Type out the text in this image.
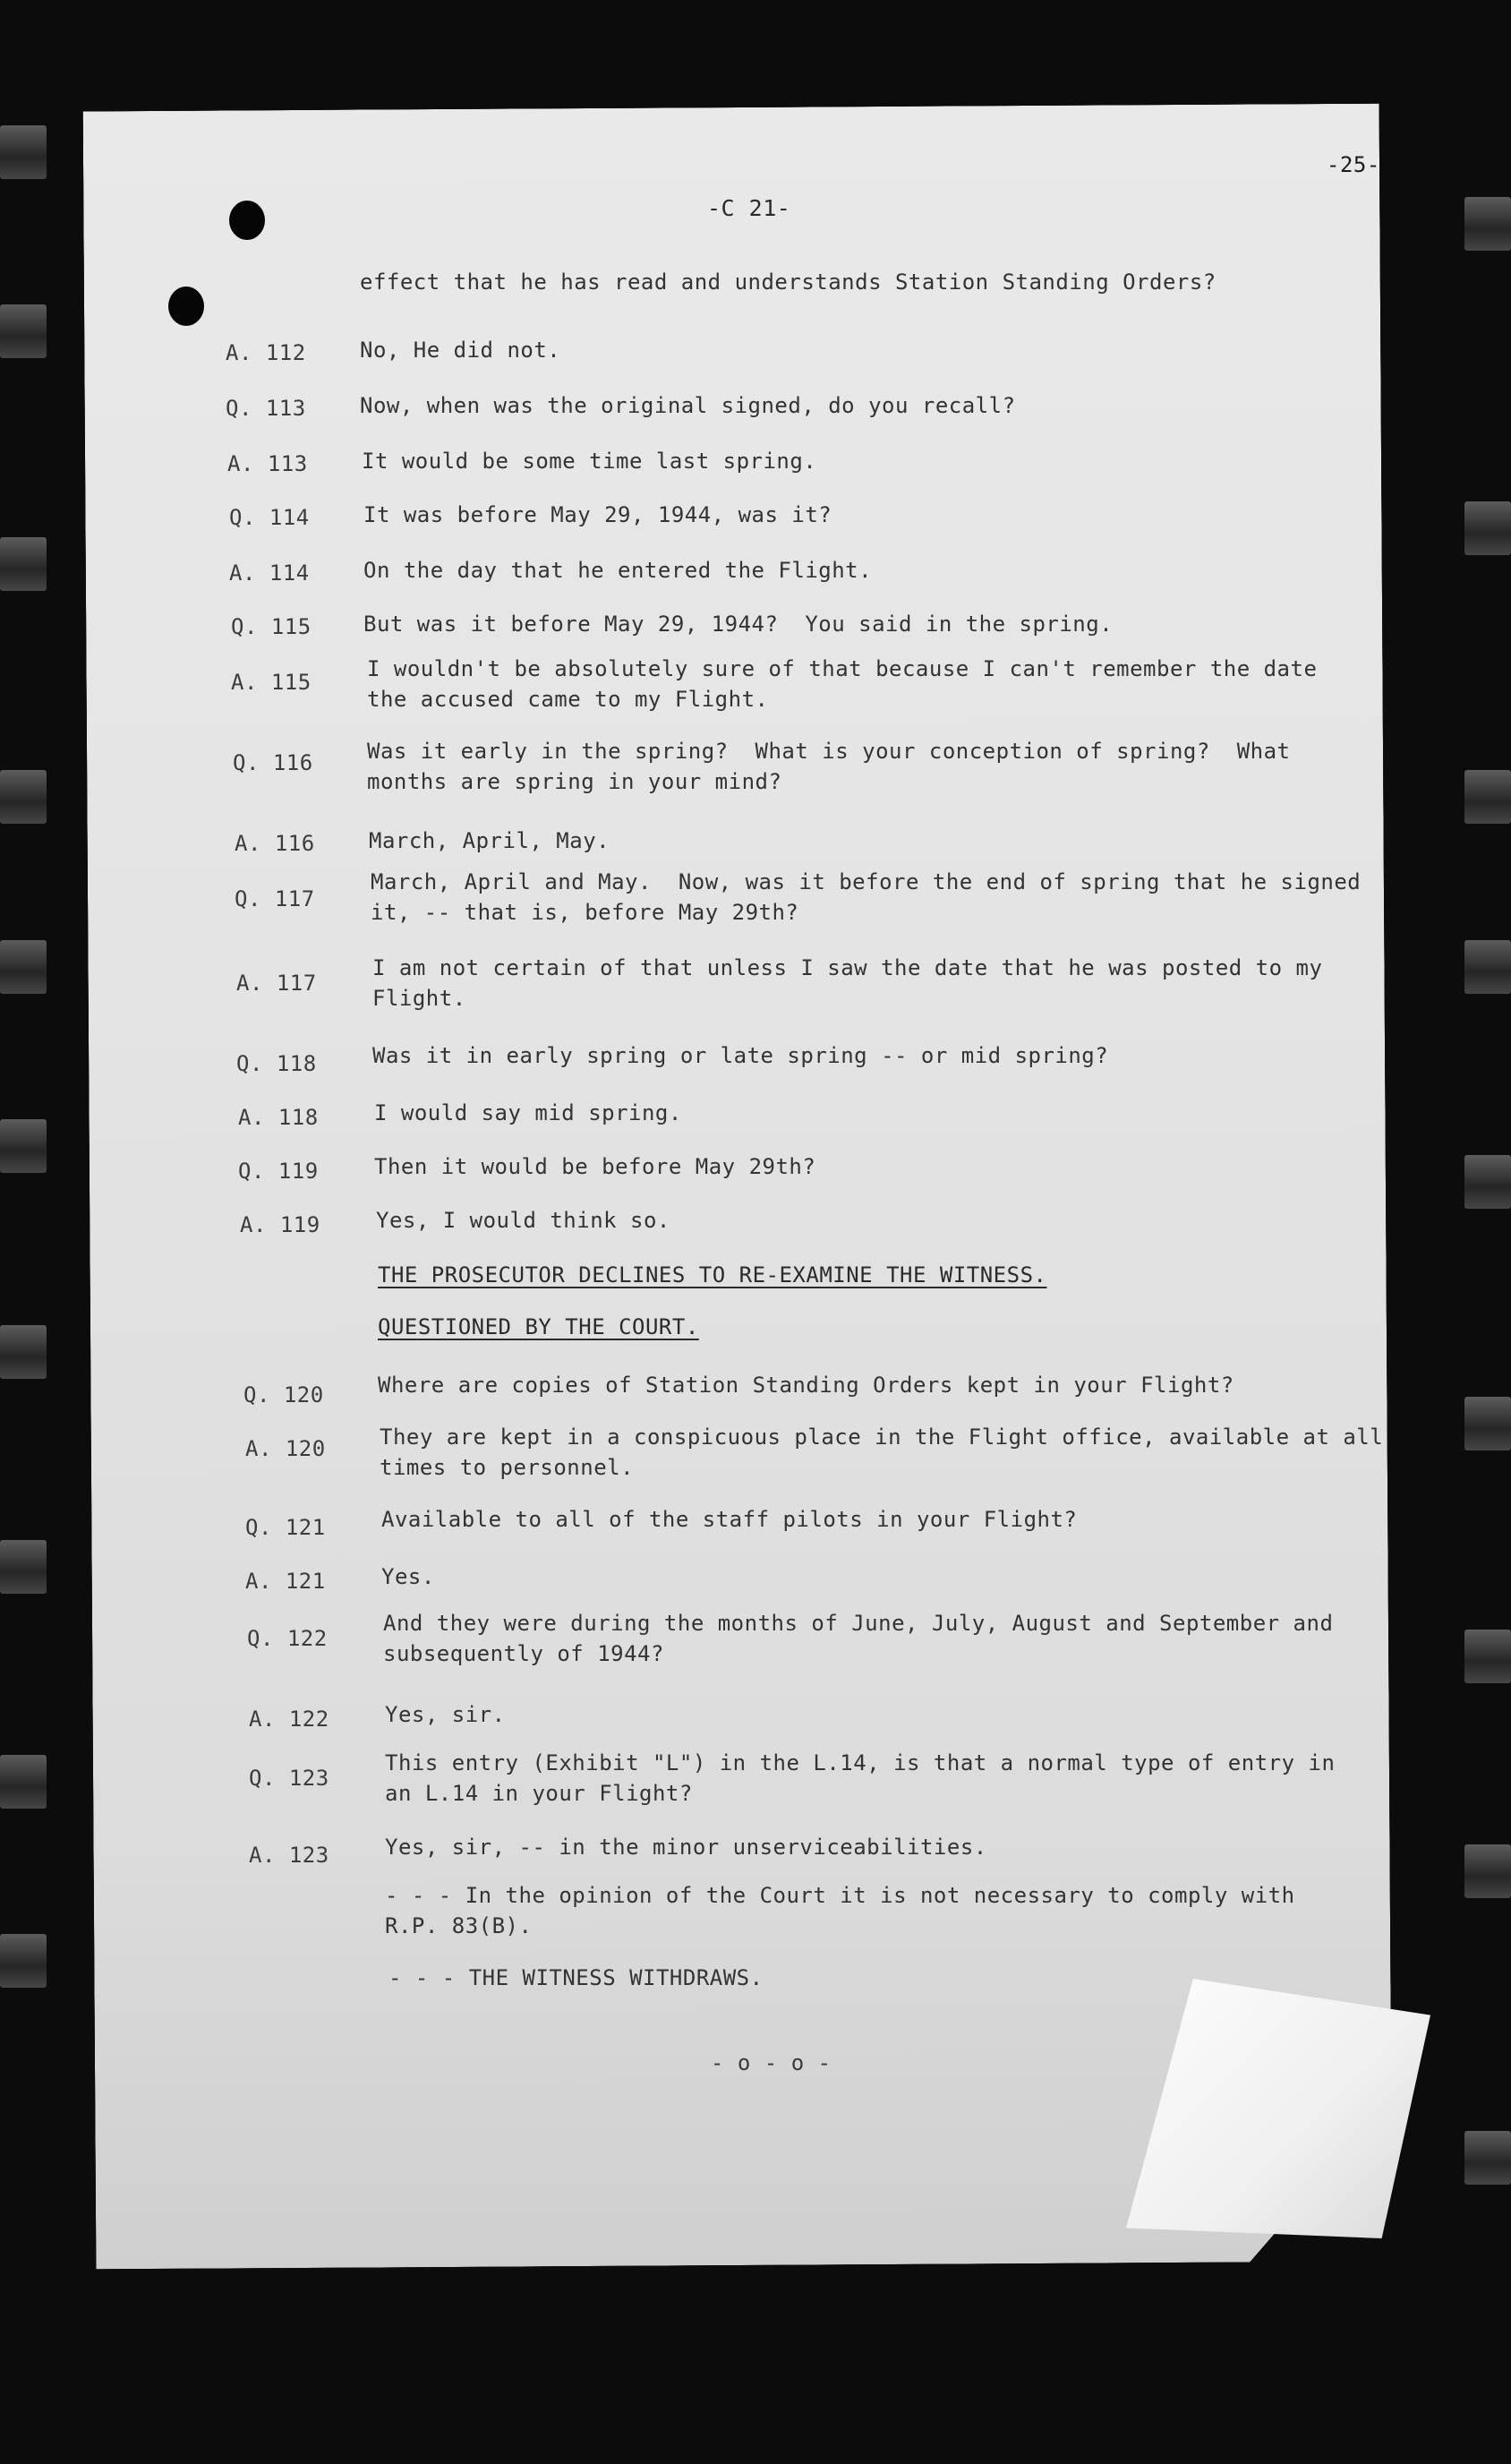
-25-
-C 21-
effect that he has read and understands Station Standing Orders?
A. 112	No, He did not.
Q. 113	Now, when was the original signed, do you recall?
A. 113	It would be some time last spring.
Q. 114	It was before May 29, 1944, was it?
A. 114	On the day that he entered the Flight.
Q. 115 But was it before May 29, 1944?  You said in the spring.
A. 115
I wouldn't be absolutely sure of that because I can't remember the date
the accused came to my Flight.
Q. 116	Was it early in the spring?  What is your conception of spring?  What
months are spring in your mind?
A. 116	March, April, May.
Q. 117
March, April and May.  Now, was it before the end of spring that he signed
it, -- that is, before May 29th?
A. 117
I am not certain of that unless I saw the date that he was posted to my
Flight.
Q. 118	Was it in early spring or late spring -- or mid spring?
A. 118	I would say mid spring.
Q. 119	Then it would be before May 29th?
A. 119	Yes, I would think so.
THE PROSECUTOR DECLINES TO RE-EXAMINE THE WITNESS.
QUESTIONED BY THE COURT.
Q. 120	Where are copies of Station Standing Orders kept in your Flight?
A. 120	They are kept in a conspicuous place in the Flight office, available at all
times to personnel.
Q. 121	Available to all of the staff pilots in your Flight?
A. 121	Yes.
Q. 122
And they were during the months of June, July, August and September and
subsequently of 1944?
A. 122	Yes, sir.
Q. 123
This entry (Exhibit "L") in the L.14, is that a normal type of entry in
an L.14 in your Flight?
A. 123	Yes, sir, -- in the minor unserviceabilities.
- - - In the opinion of the Court it is not necessary to comply with
R.P. 83(B).
- - - THE WITNESS WITHDRAWS.
- o - o -
